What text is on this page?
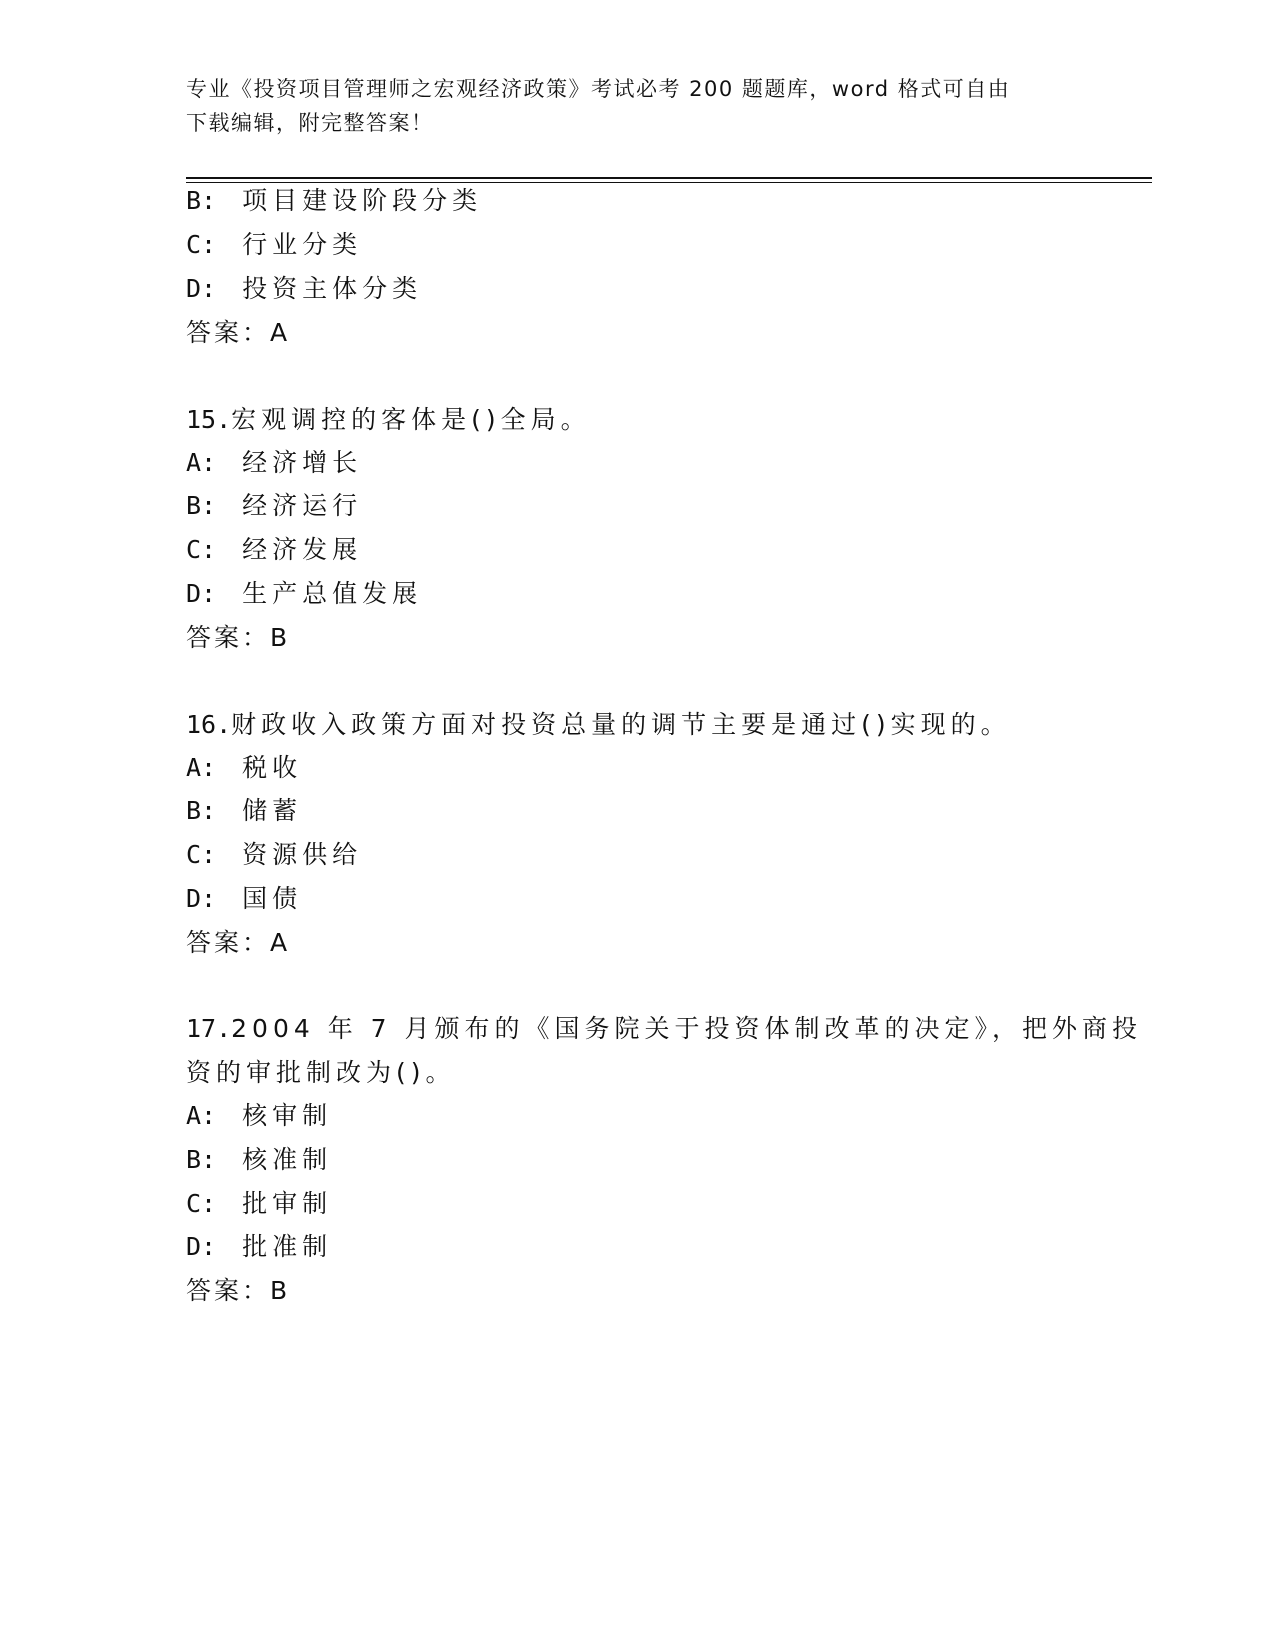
专业《投资项目管理师之宏观经济政策》考试必考 200 题题库，word 格式可自由
下载编辑，附完整答案！
B: 项目建设阶段分类
C: 行业分类
D: 投资主体分类
答案：A
15.宏观调控的客体是()全局。
A: 经济增长
B: 经济运行
C: 经济发展
D: 生产总值发展
答案：B
16.财政收入政策方面对投资总量的调节主要是通过()实现的。
A: 税收
B: 储蓄
C: 资源供给
D: 国债
答案：A
17.2004 年 7 月颁布的《国务院关于投资体制改革的决定》，把外商投
资的审批制改为()。
A: 核审制
B: 核准制
C: 批审制
D: 批准制
答案：B
